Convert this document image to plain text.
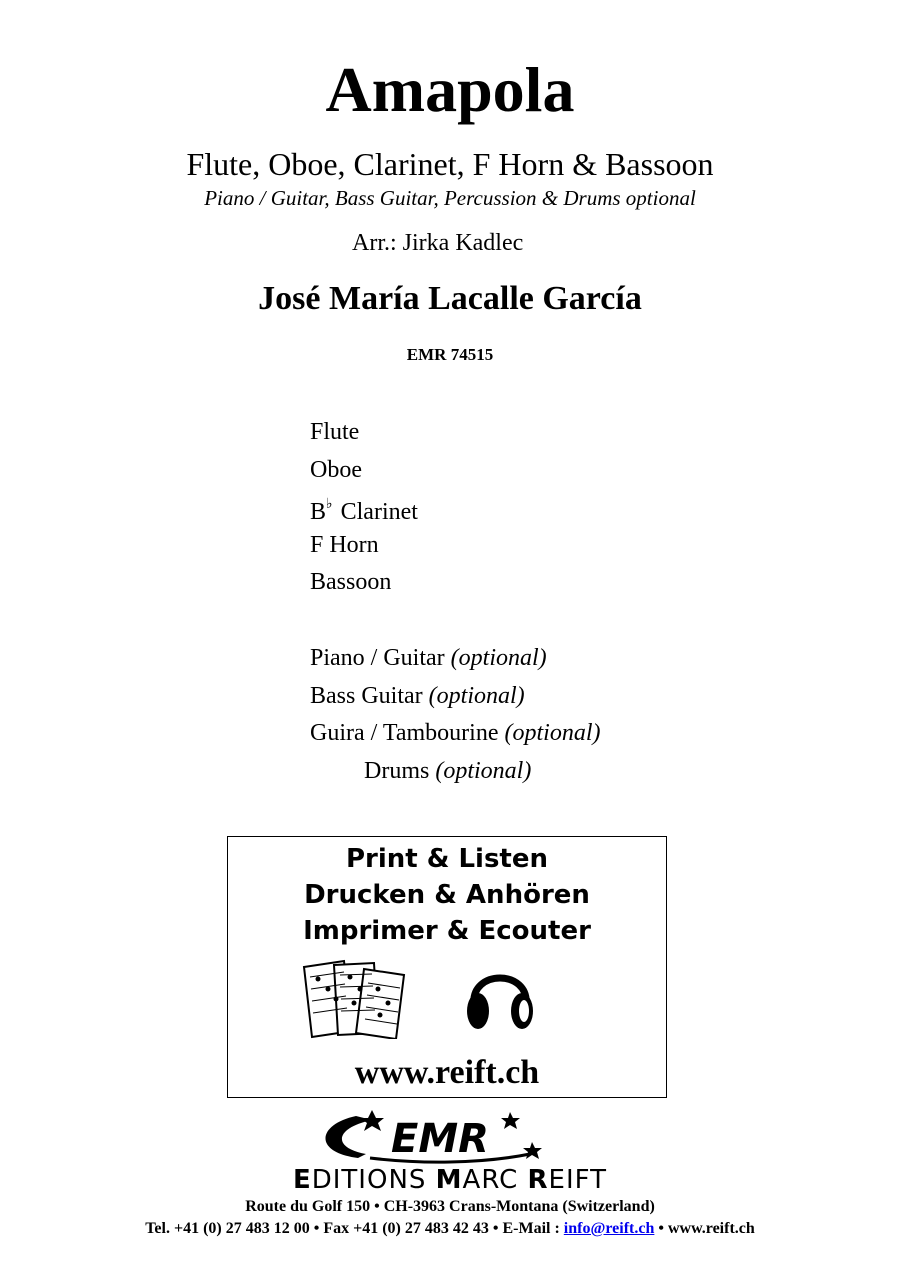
Amapola
Flute, Oboe, Clarinet, F Horn & Bassoon
Piano / Guitar, Bass Guitar, Percussion & Drums optional
Arr.: Jirka Kadlec
José María Lacalle García
EMR 74515
Flute
Oboe
B♭ Clarinet
F Horn
Bassoon
Piano / Guitar (optional)
Bass Guitar (optional)
Guira / Tambourine (optional)
Drums (optional)
Print & Listen
Drucken & Anhören
Imprimer & Ecouter
www.reift.ch
EMR
EDITIONS MARC REIFT
Route du Golf 150 • CH-3963 Crans-Montana (Switzerland)
Tel. +41 (0) 27 483 12 00 • Fax +41 (0) 27 483 42 43 • E-Mail : info@reift.ch • www.reift.ch
